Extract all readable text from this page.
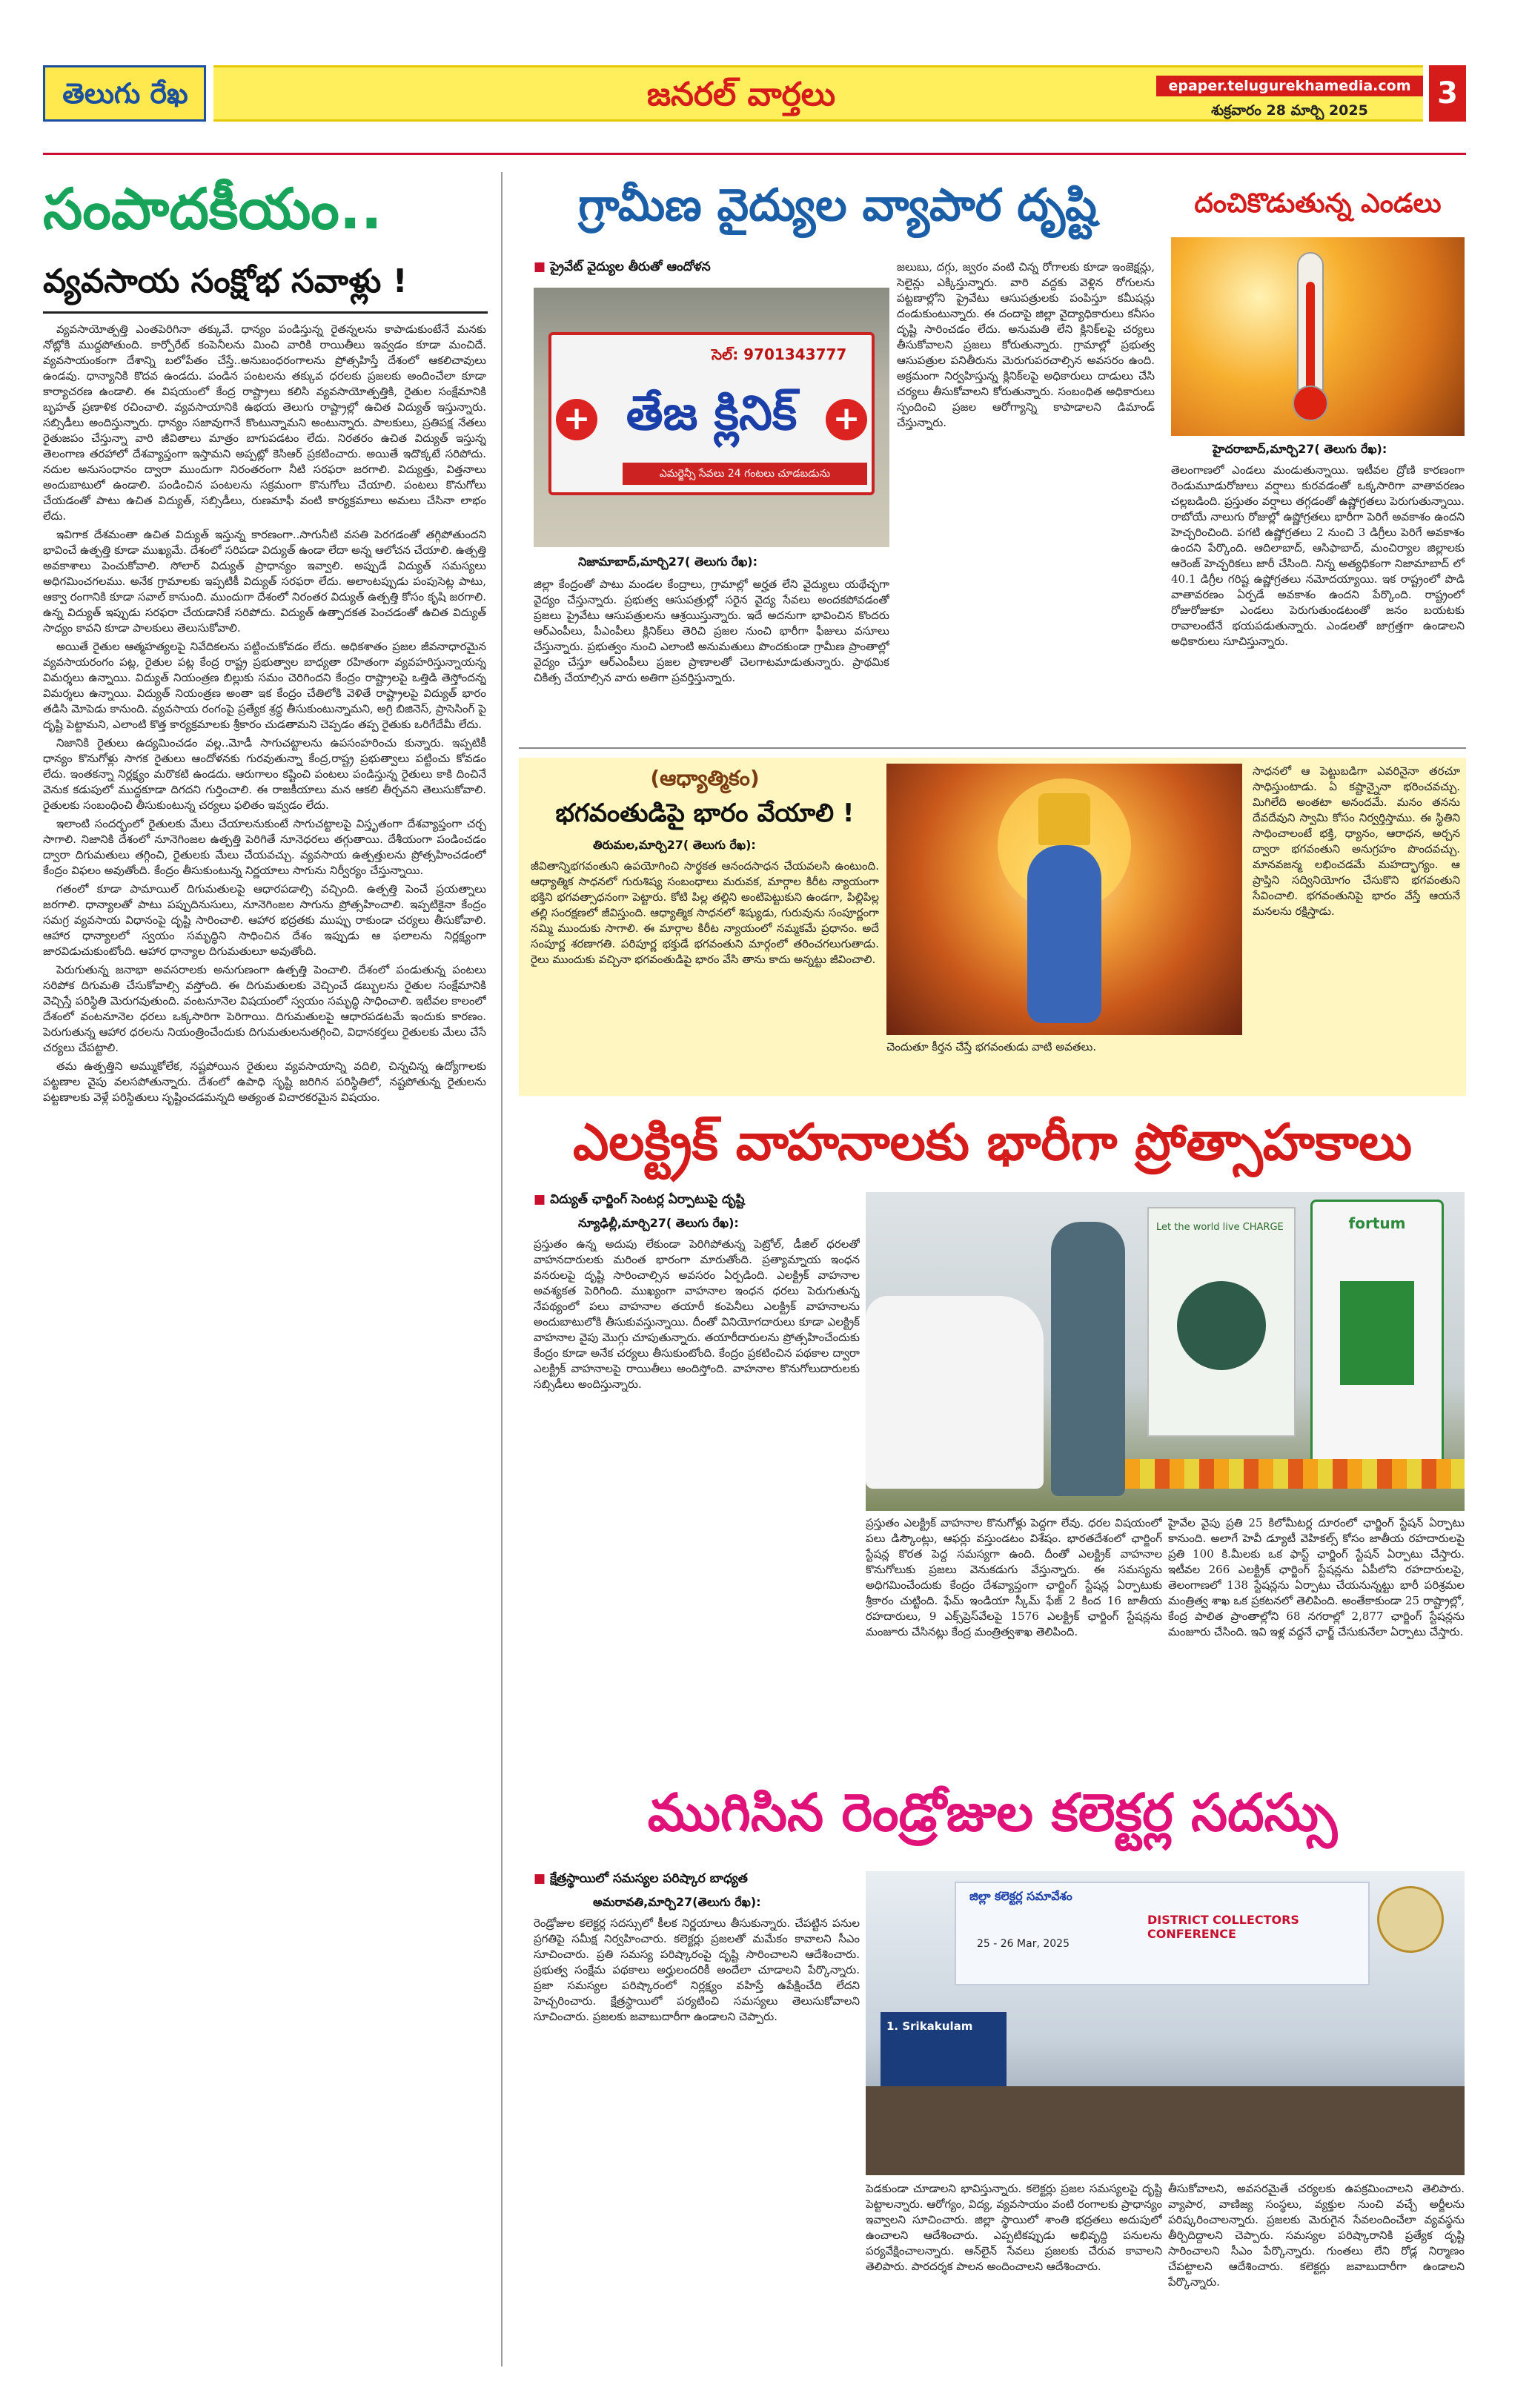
తెలుగు రేఖ	జనరల్ వార్తలు	epaper.telugurekhamedia.com
శుక్రవారం 28 మార్చి 2025	3
సంపాదకీయం..
వ్యవసాయ సంక్షోభ సవాళ్లు !

వ్యవసాయోత్పత్తి ఎంతపెరిగినా తక్కువే. ధాన్యం పండిస్తున్న రైతన్నలను కాపాడుకుంటేనే మనకు నోట్లోకి ముద్దపోతుంది. కార్పోరేట్ కంపెనీలను మించి వారికి రాయితీలు ఇవ్వడం కూడా మంచిదే. వ్యవసాయంకంగా దేశాన్ని బలోపేతం చేస్తే..అనుబంధరంగాలను ప్రోత్సహిస్తే దేశంలో ఆకలిచావులు ఉండవు. ధాన్యానికి కొదవ ఉండదు. పండిన పంటలను తక్కువ ధరలకు ప్రజలకు అందించేలా కూడా కార్యాచరణ ఉండాలి. ఈ విషయంలో కేంద్ర రాష్ట్రాలు కలిసి వ్యవసాయోత్పత్తికి, రైతుల సంక్షేమానికి బృహత్ ప్రణాళిక రచించాలి. వ్యవసాయానికి ఉభయ తెలుగు రాష్ట్రాల్లో ఉచిత విద్యుత్ ఇస్తున్నారు. సబ్సిడీలు అందిస్తున్నారు. ధాన్యం సజావుగానే కొంటున్నామని అంటున్నారు. పాలకులు, ప్రతిపక్ష నేతలు రైతుజపం చేస్తున్నా వారి జీవితాలు మాత్రం బాగుపడటం లేదు. నిరతరం ఉచిత విద్యుత్ ఇస్తున్న తెలంగాణ తరహాలో దేశవ్యాప్తంగా ఇస్తామని అప్పట్లో కెసిఆర్ ప్రకటించారు. అయితే ఇదొక్కటే సరిపోదు. నదుల అనుసంధానం ద్వారా ముందుగా నిరంతరంగా నీటి సరఫరా జరగాలి. విద్యుత్తు, విత్తనాలు అందుబాటులో ఉండాలి. పండించిన పంటలను సక్రమంగా కొనుగోలు చేయాలి. పంటలు కొనుగోలు చేయడంతో పాటు ఉచిత విద్యుత్, సబ్సిడీలు, రుణమాఫీ వంటి కార్యక్రమాలు అమలు చేసినా లాభం లేదు.

ఇవిగాక దేశమంతా ఉచిత విద్యుత్ ఇస్తున్న కారణంగా..సాగునీటి వసతి పెరగడంతో తగ్గిపోతుందని భావించే ఉత్పత్తి కూడా ముఖ్యమే. దేశంలో సరిపడా విద్యుత్ ఉండా లేదా అన్న ఆలోచన చేయాలి. ఉత్పత్తి అవకాశాలు పెంచుకోవాలి. సోలార్ విద్యుత్ ప్రాధాన్యం ఇవ్వాలి. అప్పుడే విద్యుత్ సమస్యలు అధిగమించగలము. అనేక గ్రామాలకు ఇప్పటికీ విద్యుత్ సరఫరా లేదు. అలాంటప్పుడు పంపుసెట్ల పాటు, ఆక్వా రంగానికి కూడా సవాల్ కానుంది. ముందుగా దేశంలో నిరంతర విద్యుత్ ఉత్పత్తి కోసం కృషి జరగాలి. ఉన్న విద్యుత్ ఇప్పుడు సరఫరా చేయడానికే సరిపోదు. విద్యుత్ ఉత్పాదకత పెంచడంతో ఉచిత విద్యుత్ సాధ్యం కావని కూడా పాలకులు తెలుసుకోవాలి.

అయితే రైతుల ఆత్మహత్యలపై నివేదికలను పట్టించుకోవడం లేదు. అధికశాతం ప్రజల జీవనాధారమైన వ్యవసాయరంగం పట్ల, రైతుల పట్ల కేంద్ర రాష్ట్ర ప్రభుత్వాల బాధ్యతా రహితంగా వ్యవహరిస్తున్నాయన్న విమర్శలు ఉన్నాయి. విద్యుత్ నియంత్రణ బిల్లుకు సమం చెరిగిందని కేంద్రం రాష్ట్రాలపై ఒత్తిడి తెస్తోందన్న విమర్శలు ఉన్నాయి. విద్యుత్ నియంత్రణ అంతా ఇక కేంద్రం చేతిలోకి వెళితే రాష్ట్రాలపై విద్యుత్ భారం తడిసి మోపెడు కానుంది. వ్యవసాయ రంగంపై ప్రత్యేక శ్రద్ధ తీసుకుంటున్నామని, అగ్రి బిజినెస్, ప్రాసెసింగ్ పై దృష్టి పెట్టామని, ఎలాంటి కొత్త కార్యక్రమాలకు శ్రీకారం చుడతామని చెప్పడం తప్ప రైతుకు ఒరిగేదేమీ లేదు.

నిజానికి రైతులు ఉద్యమించడం వల్ల..మోడీ సాగుచట్టాలను ఉపసంహరించు కున్నారు. ఇప్పటికీ ధాన్యం కొనుగోళ్లు సాగక రైతులు ఆందోళనకు గురవుతున్నా కేంద్ర,రాష్ట్ర ప్రభుత్వాలు పట్టించు కోవడం లేదు. ఇంతకన్నా నిర్లక్ష్యం మరొకటి ఉండదు. ఆరుగాలం కష్టించి పంటలు పండిస్తున్న రైతులు కాకి దించినే వెనుక కడుపులో ముద్దకూడా దిగదని గుర్తించాలి. ఈ రాజకీయాలు మన ఆకలి తీర్చవని తెలుసుకోవాలి. రైతులకు సంబంధించి తీసుకుంటున్న చర్యలు ఫలితం ఇవ్వడం లేదు.

ఇలాంటి సందర్భంలో రైతులకు మేలు చేయాలనుకుంటే సాగుచట్టాలపై విస్తృతంగా దేశవ్యాప్తంగా చర్చ సాగాలి. నిజానికి దేశంలో నూనెగింజల ఉత్పత్తి పెరిగితే నూనెధరలు తగ్గుతాయి. దేశీయంగా పండించడం ద్వారా దిగుమతులు తగ్గించి, రైతులకు మేలు చేయవచ్చు. వ్యవసాయ ఉత్పత్తులను ప్రోత్సహించడంలో కేంద్రం విఫలం అవుతోంది. కేంద్రం తీసుకుంటున్న నిర్ణయాలు సాగును నిర్వీర్యం చేస్తున్నాయి.

గతంలో కూడా పామాయిల్ దిగుమతులపై ఆధారపడాల్సి వచ్చింది. ఉత్పత్తి పెంచే ప్రయత్నాలు జరగాలి. ధాన్యాలతో పాటు పప్పుదినుసులు, నూనెగింజల సాగును ప్రోత్సహించాలి. ఇప్పటికైనా కేంద్రం సమగ్ర వ్యవసాయ విధానంపై దృష్టి సారించాలి. ఆహార భద్రతకు ముప్పు రాకుండా చర్యలు తీసుకోవాలి. ఆహార ధాన్యాలలో స్వయం సమృద్ధిని సాధించిన దేశం ఇప్పుడు ఆ ఫలాలను నిర్లక్ష్యంగా జారవిడుచుకుంటోంది. ఆహార ధాన్యాల దిగుమతులూ అవుతోంది.

పెరుగుతున్న జనాభా అవసరాలకు అనుగుణంగా ఉత్పత్తి పెంచాలి. దేశంలో పండుతున్న పంటలు సరిపోక దిగుమతి చేసుకోవాల్సి వస్తోంది. ఈ దిగుమతులకు వెచ్చించే డబ్బులను రైతుల సంక్షేమానికి వెచ్చిస్తే పరిస్థితి మెరుగవుతుంది. వంటనూనెల విషయంలో స్వయం సమృద్ధి సాధించాలి. ఇటీవల కాలంలో దేశంలో వంటనూనెల ధరలు ఒక్కసారిగా పెరిగాయి. దిగుమతులపై ఆధారపడటమే ఇందుకు కారణం. పెరుగుతున్న ఆహార ధరలను నియంత్రించేందుకు దిగుమతులనుతగ్గించి, విధానకర్తలు రైతులకు మేలు చేసే చర్యలు చేపట్టాలి.

తమ ఉత్పత్తిని అమ్ముకోలేక, నష్టపోయిన రైతులు వ్యవసాయాన్ని వదిలి, చిన్నచిన్న ఉద్యోగాలకు పట్టణాల వైపు వలసపోతున్నారు. దేశంలో ఉపాధి సృష్టి జరిగిన పరిస్థితిలో, నష్టపోతున్న రైతులను పట్టణాలకు వెళ్లే పరిస్థితులు సృష్టించడమన్నది అత్యంత విచారకరమైన విషయం.

గ్రామీణ వైద్యుల వ్యాపార దృష్టి
■ ప్రైవేట్ వైద్యుల తీరుతో ఆందోళన
సెల్: 9701343777
+	+
తేజ క్లినిక్
ఎమర్జెన్సీ సేవలు 24 గంటలు చూడబడును
నిజామాబాద్,మార్చి27( తెలుగు రేఖ):
జిల్లా కేంద్రంతో పాటు మండల కేంద్రాలు, గ్రామాల్లో అర్హత లేని వైద్యులు యథేచ్ఛగా వైద్యం చేస్తున్నారు. ప్రభుత్వ ఆసుపత్రుల్లో సరైన వైద్య సేవలు అందకపోవడంతో ప్రజలు ప్రైవేటు ఆసుపత్రులను ఆశ్రయిస్తున్నారు. ఇదే అదనుగా భావించిన కొందరు ఆర్ఎంపీలు, పీఎంపీలు క్లినిక్‌లు తెరిచి ప్రజల నుంచి భారీగా ఫీజులు వసూలు చేస్తున్నారు. ప్రభుత్వం నుంచి ఎలాంటి అనుమతులు పొందకుండా గ్రామీణ ప్రాంతాల్లో వైద్యం చేస్తూ ఆర్ఎంపీలు ప్రజల ప్రాణాలతో చెలగాటమాడుతున్నారు. ప్రాథమిక చికిత్స చేయాల్సిన వారు అతిగా ప్రవర్తిస్తున్నారు.
జలుబు, దగ్గు, జ్వరం వంటి చిన్న రోగాలకు కూడా ఇంజెక్షన్లు, సెలైన్లు ఎక్కిస్తున్నారు. వారి వద్దకు వెళ్లిన రోగులను పట్టణాల్లోని ప్రైవేటు ఆసుపత్రులకు పంపిస్తూ కమీషన్లు దండుకుంటున్నారు. ఈ దందాపై జిల్లా వైద్యాధికారులు కనీసం దృష్టి సారించడం లేదు. అనుమతి లేని క్లినిక్‌లపై చర్యలు తీసుకోవాలని ప్రజలు కోరుతున్నారు. గ్రామాల్లో ప్రభుత్వ ఆసుపత్రుల పనితీరును మెరుగుపరచాల్సిన అవసరం ఉంది. అక్రమంగా నిర్వహిస్తున్న క్లినిక్‌లపై అధికారులు దాడులు చేసి చర్యలు తీసుకోవాలని కోరుతున్నారు. సంబంధిత అధికారులు స్పందించి ప్రజల ఆరోగ్యాన్ని కాపాడాలని డిమాండ్ చేస్తున్నారు.
దంచికొడుతున్న ఎండలు
హైదరాబాద్,మార్చి27( తెలుగు రేఖ):
తెలంగాణలో ఎండలు మండుతున్నాయి. ఇటీవల ద్రోణి కారణంగా రెండుమూడురోజులు వర్షాలు కురవడంతో ఒక్కసారిగా వాతావరణం చల్లబడింది. ప్రస్తుతం వర్షాలు తగ్గడంతో ఉష్ణోగ్రతలు పెరుగుతున్నాయి. రాబోయే నాలుగు రోజుల్లో ఉష్ణోగ్రతలు భారీగా పెరిగే అవకాశం ఉందని హెచ్చరించింది. పగటి ఉష్ణోగ్రతలు 2 నుంచి 3 డిగ్రీలు పెరిగే అవకాశం ఉందని పేర్కొంది. ఆదిలాబాద్, ఆసిఫాబాద్, మంచిర్యాల జిల్లాలకు ఆరెంజ్ హెచ్చరికలు జారీ చేసింది. నిన్న అత్యధికంగా నిజామాబాద్ లో 40.1 డిగ్రీల గరిష్ట ఉష్ణోగ్రతలు నమోదయ్యాయి. ఇక రాష్ట్రంలో పొడి వాతావరణం ఏర్పడే అవకాశం ఉందని పేర్కొంది. రాష్ట్రంలో రోజురోజుకూ ఎండలు పెరుగుతుండటంతో జనం బయటకు రావాలంటేనే భయపడుతున్నారు. ఎండలతో జాగ్రత్తగా ఉండాలని అధికారులు సూచిస్తున్నారు.
(ఆధ్యాత్మికం)
భగవంతుడిపై భారం వేయాలి !
తిరుమల,మార్చి27( తెలుగు రేఖ):
జీవితాన్నిభగవంతుని ఉపయోగించి సార్థకత ఆనందసాధన చేయవలసి ఉంటుంది. ఆధ్యాత్మిక సాధనలో గురుశిష్య సంబంధాలు మరువక, మార్గాల కిరీట న్యాయంగా భక్తిని భగవత్సాధనంగా పెట్టారు. కోటి పిల్ల తల్లిని అంటిపెట్టుకుని ఉండగా, పిల్లిపిల్ల తల్లి సంరక్షణలో జీవిస్తుంది. ఆధ్యాత్మిక సాధనలో శిష్యుడు, గురువును సంపూర్ణంగా నమ్మి ముందుకు సాగాలి. ఈ మార్గాల కిరీట న్యాయంలో నమ్మకమే ప్రధానం. అదే సంపూర్ణ శరణాగతి. పరిపూర్ణ భక్తుడే భగవంతుని మార్గంలో తరించగలుగుతాడు. రైలు ముందుకు వచ్చినా భగవంతుడిపై భారం వేసి తాను కాదు అన్నట్టు జీవించాలి.
చెందుతూ కీర్తన చేస్తే భగవంతుడు వాటి అవతలు.
సాధనలో ఆ పెట్టుబడిగా ఎవరినైనా తరచూ సాధిస్తుంటాడు. ఏ కష్టాన్నైనా భరించవచ్చు. మిగిలేది అంతటా అనందమే. మనం తనను దేవదేవుని స్వామి కోసం నిర్వర్తిస్తాము. ఈ స్థితిని సాధించాలంటే భక్తి, ధ్యానం, ఆరాధన, అర్చన ద్వారా భగవంతుని అనుగ్రహం పొందవచ్చు. మానవజన్మ లభించడమే మహద్భాగ్యం. ఆ ప్రాప్తిని సద్వినియోగం చేసుకొని భగవంతుని సేవించాలి. భగవంతునిపై భారం వేస్తే ఆయనే మనలను రక్షిస్తాడు.
ఎలక్ట్రిక్ వాహనాలకు భారీగా ప్రోత్సాహకాలు
■ విద్యుత్ ఛార్జింగ్ సెంటర్ల ఏర్పాటుపై దృష్టి
న్యూఢిల్లీ,మార్చి27( తెలుగు రేఖ):
ప్రస్తుతం ఉన్న అదుపు లేకుండా పెరిగిపోతున్న పెట్రోల్, డీజిల్ ధరలతో వాహనదారులకు మరింత భారంగా మారుతోంది. ప్రత్యామ్నాయ ఇంధన వనరులపై దృష్టి సారించాల్సిన అవసరం ఏర్పడింది. ఎలక్ట్రిక్ వాహనాల అవశ్యకత పెరిగింది. ముఖ్యంగా వాహనాల ఇంధన ధరలు పెరుగుతున్న నేపథ్యంలో పలు వాహనాల తయారీ కంపెనీలు ఎలక్ట్రిక్ వాహనాలను అందుబాటులోకి తీసుకువస్తున్నాయి. దీంతో వినియోగదారులు కూడా ఎలక్ట్రిక్ వాహనాల వైపు మొగ్గు చూపుతున్నారు. తయారీదారులను ప్రోత్సహించేందుకు కేంద్రం కూడా అనేక చర్యలు తీసుకుంటోంది. కేంద్రం ప్రకటించిన పథకాల ద్వారా ఎలక్ట్రిక్ వాహనాలపై రాయితీలు అందిస్తోంది. వాహనాల కొనుగోలుదారులకు సబ్సిడీలు అందిస్తున్నారు.
Let the world live CHARGE	fortum
ప్రస్తుతం ఎలక్ట్రిక్ వాహనాల కొనుగోళ్లు పెద్దగా లేవు. ధరల విషయంలో పలు డిస్కౌంట్లు, ఆఫర్లు వస్తుండటం విశేషం. భారతదేశంలో ఛార్జింగ్ స్టేషన్ల కొరత పెద్ద సమస్యగా ఉంది. దీంతో ఎలక్ట్రిక్ వాహనాల కొనుగోలుకు ప్రజలు వెనుకడుగు వేస్తున్నారు. ఈ సమస్యను అధిగమించేందుకు కేంద్రం దేశవ్యాప్తంగా ఛార్జింగ్ స్టేషన్ల ఏర్పాటుకు శ్రీకారం చుట్టింది. ఫేమ్ ఇండియా స్కీమ్ ఫేజ్ 2 కింద 16 జాతీయ రహదారులు, 9 ఎక్స్‌ప్రెస్‌వేలపై 1576 ఎలక్ట్రిక్ ఛార్జింగ్ స్టేషన్లను మంజూరు చేసినట్లు కేంద్ర మంత్రిత్వశాఖ తెలిపింది.
హైవేల వైపు ప్రతి 25 కిలోమీటర్ల దూరంలో ఛార్జింగ్ స్టేషన్ ఏర్పాటు కానుంది. అలాగే హెవీ డ్యూటీ వెహికల్స్ కోసం జాతీయ రహదారులపై ప్రతి 100 కి.మీలకు ఒక ఫాస్ట్ ఛార్జింగ్ స్టేషన్ ఏర్పాటు చేస్తారు. ఇటీవల 266 ఎలక్ట్రిక్ ఛార్జింగ్ స్టేషన్లను ఏపీలోని రహదారులపై, తెలంగాణలో 138 స్టేషన్లను ఏర్పాటు చేయనున్నట్టు భారీ పరిశ్రమల మంత్రిత్వ శాఖ ఒక ప్రకటనలో తెలిపింది. అంతేకాకుండా 25 రాష్ట్రాల్లో, కేంద్ర పాలిత ప్రాంతాల్లోని 68 నగరాల్లో 2,877 ఛార్జింగ్ స్టేషన్లను మంజూరు చేసింది. ఇవి ఇళ్ల వద్దనే ఛార్జ్ చేసుకునేలా ఏర్పాటు చేస్తారు.
ముగిసిన రెండ్రోజుల కలెక్టర్ల సదస్సు
■ క్షేత్రస్థాయిలో సమస్యల పరిష్కార బాధ్యత
అమరావతి,మార్చి27(తెలుగు రేఖ):
రెండ్రోజుల కలెక్టర్ల సదస్సులో కీలక నిర్ణయాలు తీసుకున్నారు. చేపట్టిన పనుల ప్రగతిపై సమీక్ష నిర్వహించారు. కలెక్టర్లు ప్రజలతో మమేకం కావాలని సీఎం సూచించారు. ప్రతి సమస్య పరిష్కారంపై దృష్టి సారించాలని ఆదేశించారు. ప్రభుత్వ సంక్షేమ పథకాలు అర్హులందరికీ అందేలా చూడాలని పేర్కొన్నారు. ప్రజా సమస్యల పరిష్కారంలో నిర్లక్ష్యం వహిస్తే ఉపేక్షించేది లేదని హెచ్చరించారు. క్షేత్రస్థాయిలో పర్యటించి సమస్యలు తెలుసుకోవాలని సూచించారు. ప్రజలకు జవాబుదారీగా ఉండాలని చెప్పారు.
జిల్లా కలెక్టర్ల సమావేశం
DISTRICT COLLECTORS CONFERENCE
25 - 26 Mar, 2025
1. Srikakulam
పెడకుండా చూడాలని భావిస్తున్నారు. కలెక్టర్లు ప్రజల సమస్యలపై దృష్టి పెట్టాలన్నారు. ఆరోగ్యం, విద్య, వ్యవసాయం వంటి రంగాలకు ప్రాధాన్యం ఇవ్వాలని సూచించారు. జిల్లా స్థాయిలో శాంతి భద్రతలు అదుపులో ఉంచాలని ఆదేశించారు. ఎప్పటికప్పుడు అభివృద్ధి పనులను పర్యవేక్షించాలన్నారు. ఆన్‌లైన్ సేవలు ప్రజలకు చేరువ కావాలని తెలిపారు. పారదర్శక పాలన అందించాలని ఆదేశించారు.
తీసుకోవాలని, అవసరమైతే చర్యలకు ఉపక్రమించాలని తెలిపారు. వ్యాపార, వాణిజ్య సంస్థలు, వ్యక్తుల నుంచి వచ్చే అర్జీలను పరిష్కరించాలన్నారు. ప్రజలకు మెరుగైన సేవలందించేలా వ్యవస్థను తీర్చిదిద్దాలని చెప్పారు. సమస్యల పరిష్కారానికి ప్రత్యేక దృష్టి సారించాలని సీఎం పేర్కొన్నారు. గుంతలు లేని రోడ్ల నిర్మాణం చేపట్టాలని ఆదేశించారు. కలెక్టర్లు జవాబుదారీగా ఉండాలని పేర్కొన్నారు.
